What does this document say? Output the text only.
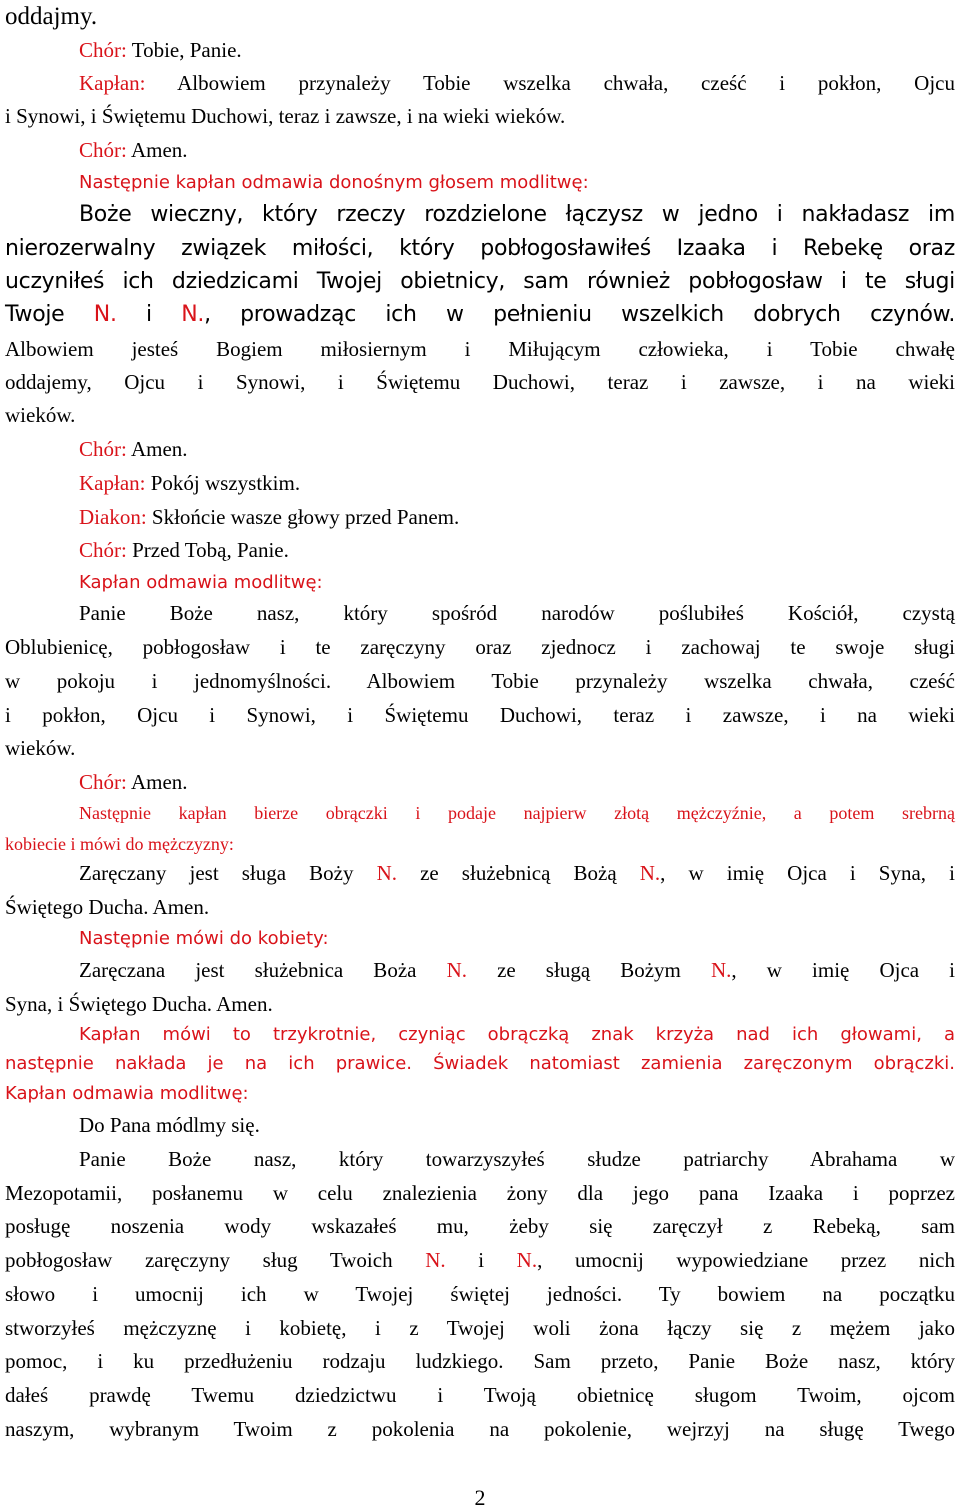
oddajmy.
Chór: Tobie, Panie.
Kapłan: Albowiem przynależy Tobie wszelka chwała, cześć i pokłon, Ojcu
i Synowi, i Świętemu Duchowi, teraz i zawsze, i na wieki wieków.
Chór: Amen.
Następnie kapłan odmawia donośnym głosem modlitwę:
Boże wieczny, który rzeczy rozdzielone łączysz w jedno i nakładasz im
nierozerwalny związek miłości, który pobłogosławiłeś Izaaka i Rebekę oraz
uczyniłeś ich dziedzicami Twojej obietnicy, sam również pobłogosław i te sługi
Twoje N. i N., prowadząc ich w pełnieniu wszelkich dobrych czynów.
Albowiem jesteś Bogiem miłosiernym i Miłującym człowieka, i Tobie chwałę
oddajemy, Ojcu i Synowi, i Świętemu Duchowi, teraz i zawsze, i na wieki
wieków.
Chór: Amen.
Kapłan: Pokój wszystkim.
Diakon: Skłońcie wasze głowy przed Panem.
Chór: Przed Tobą, Panie.
Kapłan odmawia modlitwę:
Panie Boże nasz, który spośród narodów poślubiłeś Kościół, czystą
Oblubienicę, pobłogosław i te zaręczyny oraz zjednocz i zachowaj te swoje sługi
w pokoju i jednomyślności. Albowiem Tobie przynależy wszelka chwała, cześć
i pokłon, Ojcu i Synowi, i Świętemu Duchowi, teraz i zawsze, i na wieki
wieków.
Chór: Amen.
Następnie kapłan bierze obrączki i podaje najpierw złotą mężczyźnie, a potem srebrną
kobiecie i mówi do mężczyzny:
Zaręczany jest sługa Boży N. ze służebnicą Bożą N., w imię Ojca i Syna, i
Świętego Ducha. Amen.
Następnie mówi do kobiety:
Zaręczana jest służebnica Boża N. ze sługą Bożym N., w imię Ojca i
Syna, i Świętego Ducha. Amen.
Kapłan mówi to trzykrotnie, czyniąc obrączką znak krzyża nad ich głowami, a
następnie nakłada je na ich prawice. Świadek natomiast zamienia zaręczonym obrączki.
Kapłan odmawia modlitwę:
Do Pana módlmy się.
Panie Boże nasz, który towarzyszyłeś słudze patriarchy Abrahama w
Mezopotamii, posłanemu w celu znalezienia żony dla jego pana Izaaka i poprzez
posługę noszenia wody wskazałeś mu, żeby się zaręczył z Rebeką, sam
pobłogosław zaręczyny sług Twoich N. i N., umocnij wypowiedziane przez nich
słowo i umocnij ich w Twojej świętej jedności. Ty bowiem na początku
stworzyłeś mężczyznę i kobietę, i z Twojej woli żona łączy się z mężem jako
pomoc, i ku przedłużeniu rodzaju ludzkiego. Sam przeto, Panie Boże nasz, który
dałeś prawdę Twemu dziedzictwu i Twoją obietnicę sługom Twoim, ojcom
naszym, wybranym Twoim z pokolenia na pokolenie, wejrzyj na sługę Twego
2
